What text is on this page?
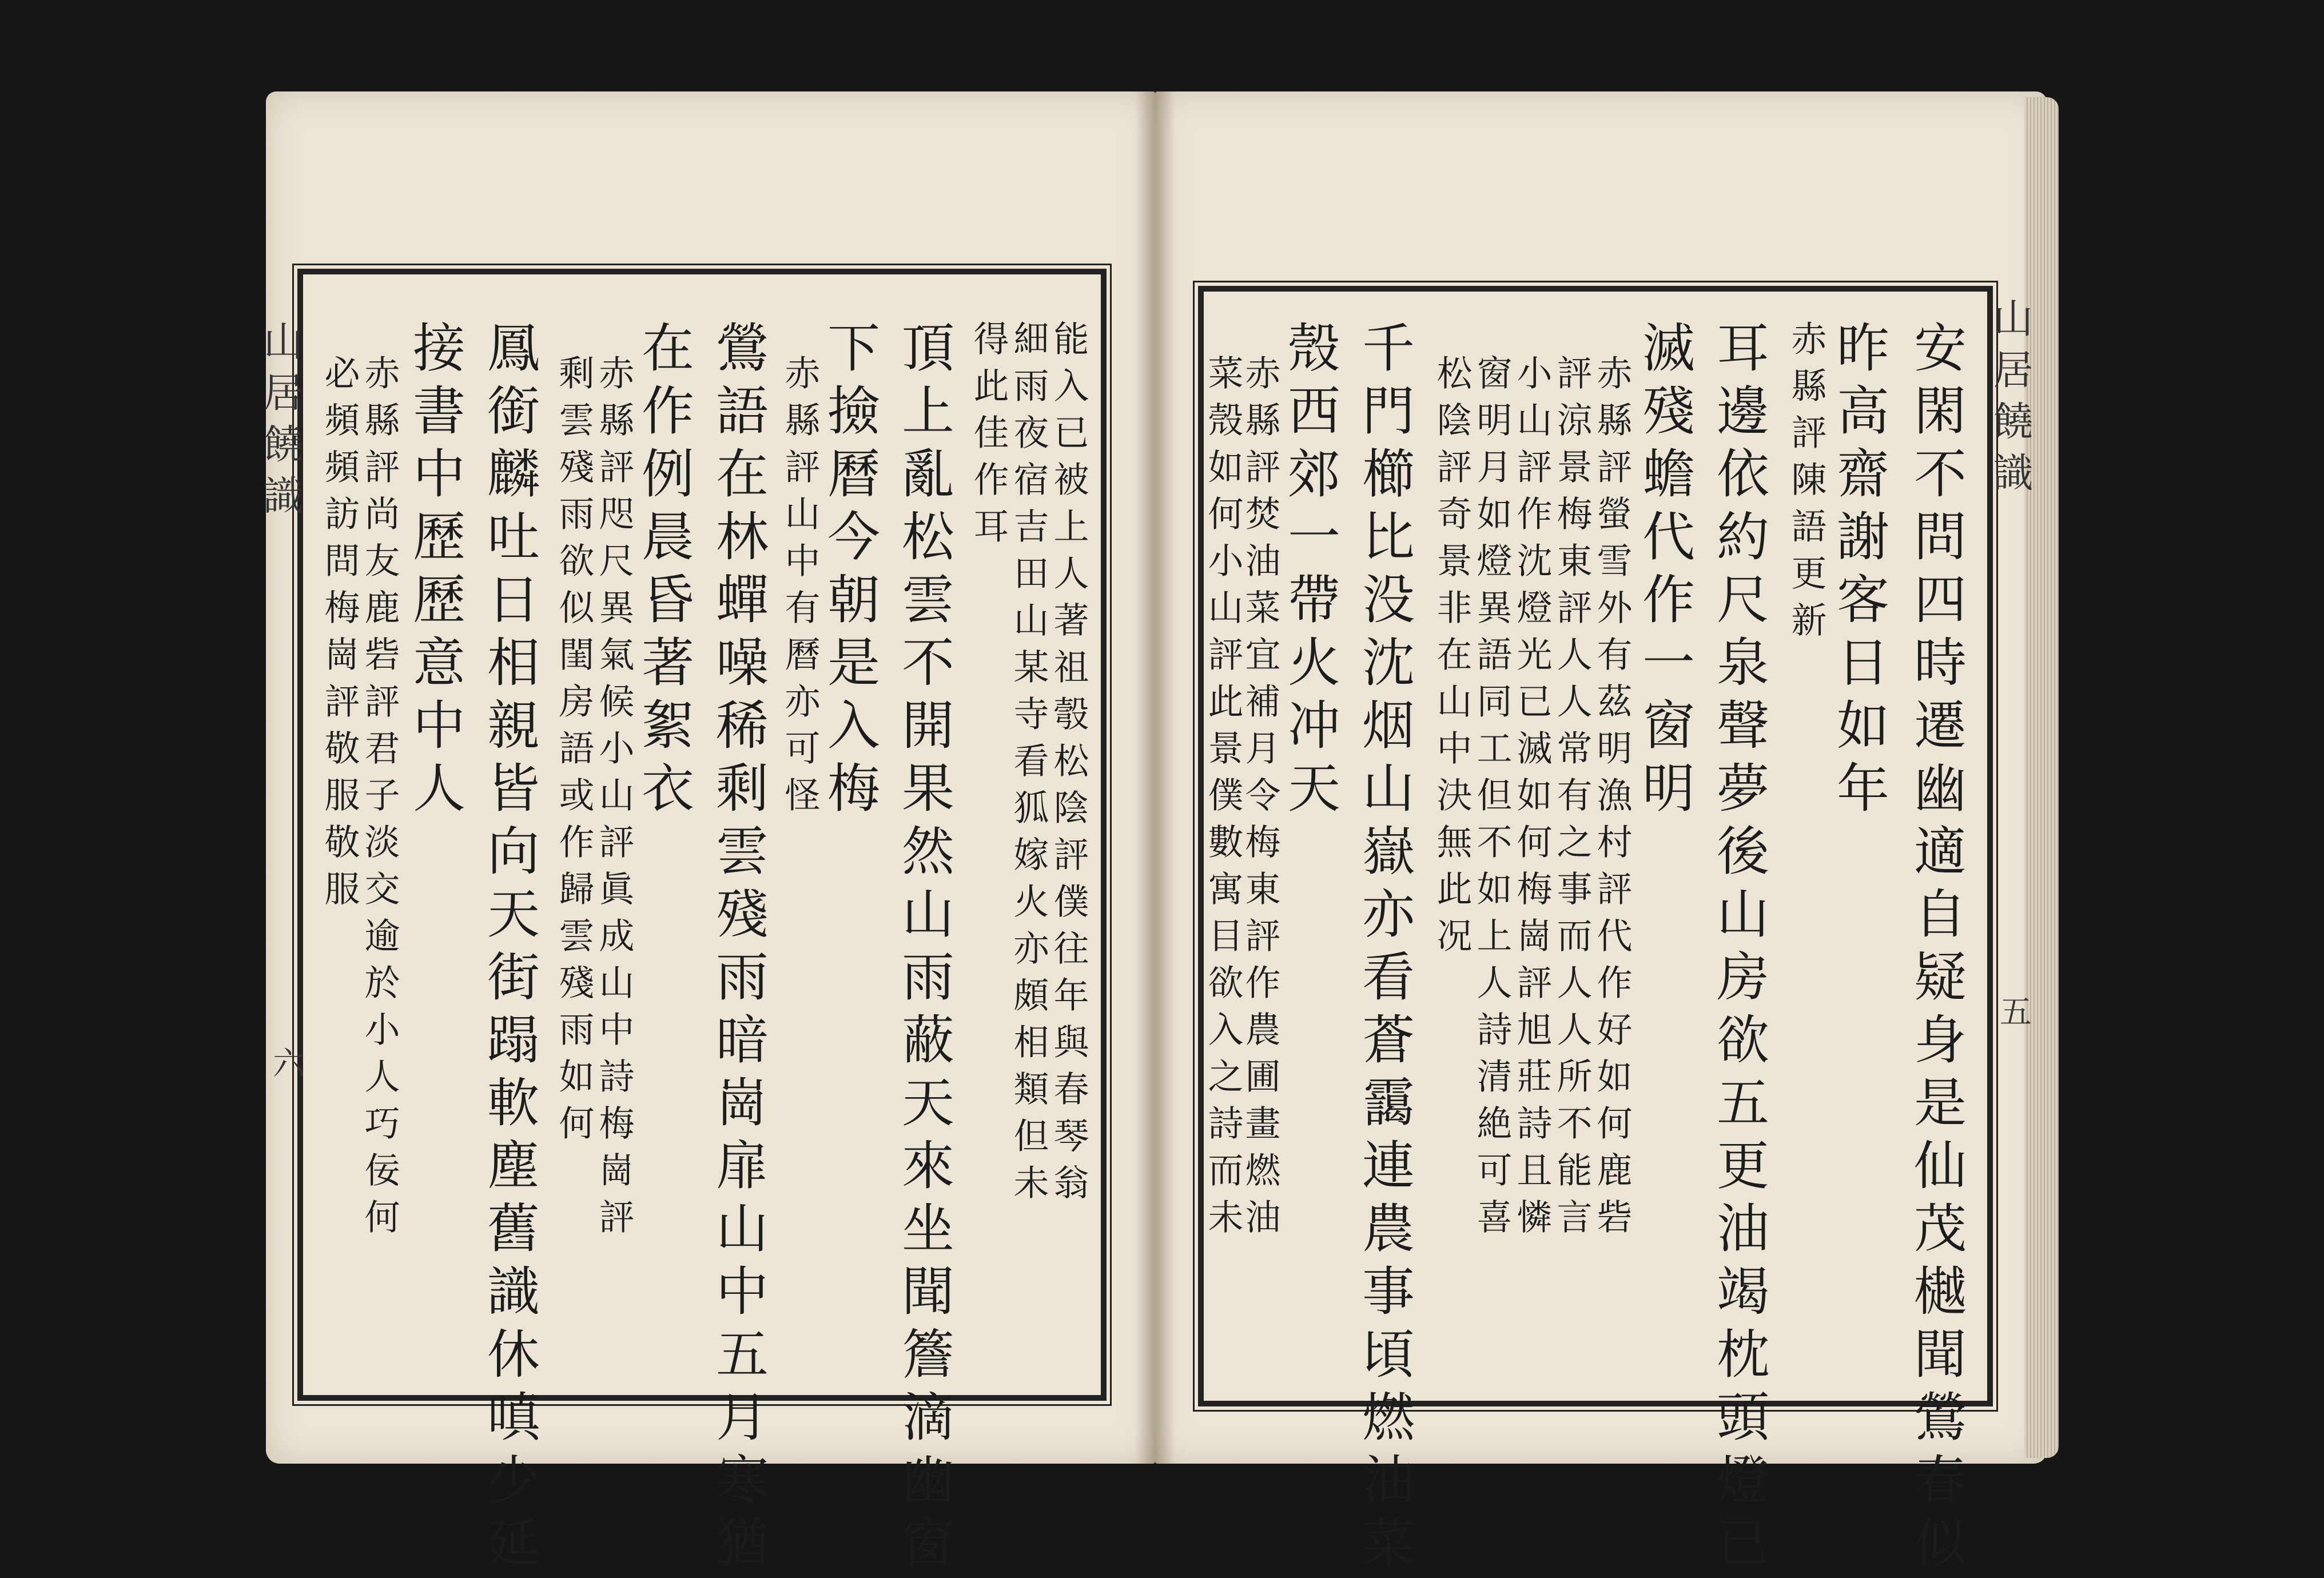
山居饒識
五
山居饒識
六	安閑不問四時遷幽適自疑身是仙茂樾聞鶯春似
昨高齋謝客日如年
赤縣評陳語更新
耳邊依約尺泉聲夢後山房欲五更油竭枕頭燈已
滅殘蟾代作一窗明
赤縣評螢雪外有茲明漁村評代作好如何鹿砦
評涼景梅東評人人常有之事而人人所不能言
小山評作沈燈光已滅如何梅崗評旭莊詩且憐
窗明月如燈異語同工但不如上人詩清絶可喜
松陰評奇景非在山中決無此况
千門櫛比没沈烟山嶽亦看蒼靄連農事頃燃油菜
殼西郊一帶火冲天
赤縣評焚油菜宜補月令梅東評作農圃畫燃油
菜殼如何小山評此景僕數寓目欲入之詩而未
能入已被上人著祖彀松陰評僕往年與春琴翁
細雨夜宿吉田山某寺看狐嫁火亦頗相類但未
得此佳作耳
頂上亂松雲不開果然山雨蔽天來坐聞簷滴幽窗
下撿曆今朝是入梅
赤縣評山中有曆亦可怪
鶯語在林蟬噪稀剩雲殘雨暗崗扉山中五月寒猶
在作例晨昏著絮衣
赤縣評咫尺異氣候小山評眞成山中詩梅崗評
剩雲殘雨欲似閨房語或作歸雲殘雨如何
鳳銜麟吐日相親皆向天街蹋軟塵舊識休嗔少延
接書中歷歷意中人
赤縣評尚友鹿砦評君子淡交逾於小人巧佞何
必頻頻訪問梅崗評敬服敬服
